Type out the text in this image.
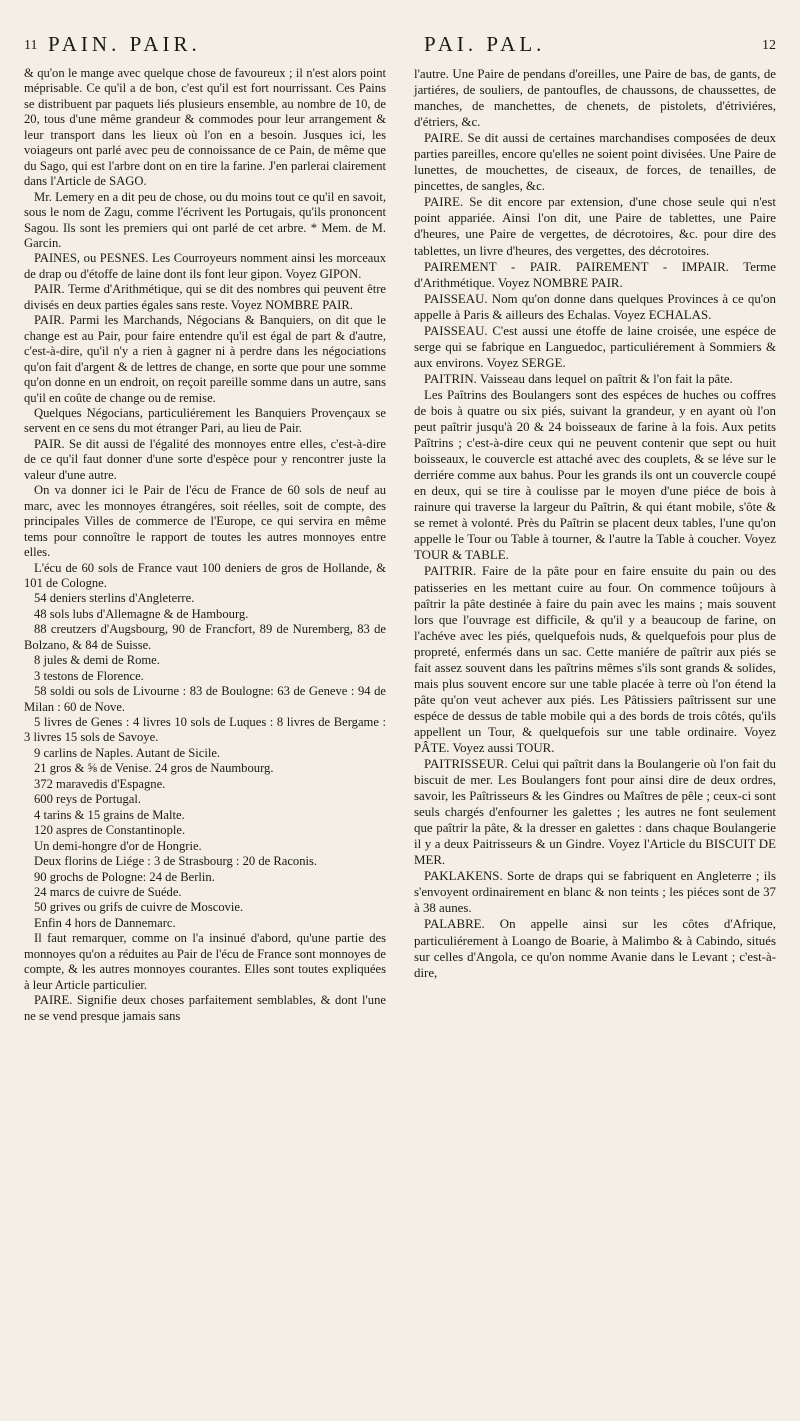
11 PAIN. PAIR.	PAI. PAL.	12

& qu'on le mange avec quelque chose de favoureux ; il n'est alors point méprisable. Ce qu'il a de bon, c'est qu'il est fort nourrissant. Ces Pains se distribuent par paquets liés plusieurs ensemble, au nombre de 10, de 20, tous d'une même grandeur & commodes pour leur arrangement & leur transport dans les lieux où l'on en a besoin. Jusques ici, les voiageurs ont parlé avec peu de connoissance de ce Pain, de même que du Sago, qui est l'arbre dont on en tire la farine. J'en parlerai clairement dans l'Article de SAGO.

Mr. Lemery en a dit peu de chose, ou du moins tout ce qu'il en savoit, sous le nom de Zagu, comme l'écrivent les Portugais, qu'ils prononcent Sagou. Ils sont les premiers qui ont parlé de cet arbre. * Mem. de M. Garcin.

PAINES, ou PESNES. Les Courroyeurs nomment ainsi les morceaux de drap ou d'étoffe de laine dont ils font leur gipon. Voyez GIPON.

PAIR. Terme d'Arithmétique, qui se dit des nombres qui peuvent être divisés en deux parties égales sans reste. Voyez NOMBRE PAIR.

PAIR. Parmi les Marchands, Négocians & Banquiers, on dit que le change est au Pair, pour faire entendre qu'il est égal de part & d'autre, c'est-à-dire, qu'il n'y a rien à gagner ni à perdre dans les négociations qu'on fait d'argent & de lettres de change, en sorte que pour une somme qu'on donne en un endroit, on reçoit pareille somme dans un autre, sans qu'il en coûte de change ou de remise.

Quelques Négocians, particuliérement les Banquiers Provençaux se servent en ce sens du mot étranger Pari, au lieu de Pair.

PAIR. Se dit aussi de l'égalité des monnoyes entre elles, c'est-à-dire de ce qu'il faut donner d'une sorte d'espèce pour y rencontrer juste la valeur d'une autre.

On va donner ici le Pair de l'écu de France de 60 sols de neuf au marc, avec les monnoyes étrangéres, soit réelles, soit de compte, des principales Villes de commerce de l'Europe, ce qui servira en même tems pour connoître le rapport de toutes les autres monnoyes entre elles.

L'écu de 60 sols de France vaut 100 deniers de gros de Hollande, & 101 de Cologne.

54 deniers sterlins d'Angleterre.

48 sols lubs d'Allemagne & de Hambourg.

88 creutzers d'Augsbourg, 90 de Francfort, 89 de Nuremberg, 83 de Bolzano, & 84 de Suisse.

8 jules & demi de Rome.

3 testons de Florence.

58 soldi ou sols de Livourne : 83 de Boulogne: 63 de Geneve : 94 de Milan : 60 de Nove.

5 livres de Genes : 4 livres 10 sols de Luques : 8 livres de Bergame : 3 livres 15 sols de Savoye.

9 carlins de Naples. Autant de Sicile.

21 gros & ⅝ de Venise. 24 gros de Naumbourg.

372 maravedis d'Espagne.

600 reys de Portugal.

4 tarins & 15 grains de Malte.

120 aspres de Constantinople.

Un demi-hongre d'or de Hongrie.

Deux florins de Liége : 3 de Strasbourg : 20 de Raconis.

90 grochs de Pologne: 24 de Berlin.

24 marcs de cuivre de Suéde.

50 grives ou grifs de cuivre de Moscovie.

Enfin 4 hors de Dannemarc.

Il faut remarquer, comme on l'a insinué d'abord, qu'une partie des monnoyes qu'on a réduites au Pair de l'écu de France sont monnoyes de compte, & les autres monnoyes courantes. Elles sont toutes expliquées à leur Article particulier.

PAIRE. Signifie deux choses parfaitement semblables, & dont l'une ne se vend presque jamais sans

l'autre. Une Paire de pendans d'oreilles, une Paire de bas, de gants, de jartiéres, de souliers, de pantoufles, de chaussons, de chaussettes, de manches, de manchettes, de chenets, de pistolets, d'étriviéres, d'étriers, &c.

PAIRE. Se dit aussi de certaines marchandises composées de deux parties pareilles, encore qu'elles ne soient point divisées. Une Paire de lunettes, de mouchettes, de ciseaux, de forces, de tenailles, de pincettes, de sangles, &c.

PAIRE. Se dit encore par extension, d'une chose seule qui n'est point appariée. Ainsi l'on dit, une Paire de tablettes, une Paire d'heures, une Paire de vergettes, de décrotoires, &c. pour dire des tablettes, un livre d'heures, des vergettes, des décrotoires.

PAIREMENT - PAIR. PAIREMENT - IMPAIR. Terme d'Arithmétique. Voyez NOMBRE PAIR.

PAISSEAU. Nom qu'on donne dans quelques Provinces à ce qu'on appelle à Paris & ailleurs des Echalas. Voyez ECHALAS.

PAISSEAU. C'est aussi une étoffe de laine croisée, une espéce de serge qui se fabrique en Languedoc, particuliérement à Sommiers & aux environs. Voyez SERGE.

PAITRIN. Vaisseau dans lequel on paîtrit & l'on fait la pâte.

Les Paîtrins des Boulangers sont des espéces de huches ou coffres de bois à quatre ou six piés, suivant la grandeur, y en ayant où l'on peut paîtrir jusqu'à 20 & 24 boisseaux de farine à la fois. Aux petits Paîtrins ; c'est-à-dire ceux qui ne peuvent contenir que sept ou huit boisseaux, le couvercle est attaché avec des couplets, & se léve sur le derriére comme aux bahus. Pour les grands ils ont un couvercle coupé en deux, qui se tire à coulisse par le moyen d'une piéce de bois à rainure qui traverse la largeur du Paîtrin, & qui étant mobile, s'ôte & se remet à volonté. Près du Paîtrin se placent deux tables, l'une qu'on appelle le Tour ou Table à tourner, & l'autre la Table à coucher. Voyez TOUR & TABLE.

PAITRIR. Faire de la pâte pour en faire ensuite du pain ou des patisseries en les mettant cuire au four. On commence toûjours à paîtrir la pâte destinée à faire du pain avec les mains ; mais souvent lors que l'ouvrage est difficile, & qu'il y a beaucoup de farine, on l'achéve avec les piés, quelquefois nuds, & quelquefois pour plus de propreté, enfermés dans un sac. Cette maniére de paîtrir aux piés se fait assez souvent dans les paîtrins mêmes s'ils sont grands & solides, mais plus souvent encore sur une table placée à terre où l'on étend la pâte qu'on veut achever aux piés. Les Pâtissiers paîtrissent sur une espéce de dessus de table mobile qui a des bords de trois côtés, qu'ils appellent un Tour, & quelquefois sur une table ordinaire. Voyez PÂTE. Voyez aussi TOUR.

PAITRISSEUR. Celui qui paîtrit dans la Boulangerie où l'on fait du biscuit de mer. Les Boulangers font pour ainsi dire de deux ordres, savoir, les Paîtrisseurs & les Gindres ou Maîtres de pêle ; ceux-ci sont seuls chargés d'enfourner les galettes ; les autres ne font seulement que paîtrir la pâte, & la dresser en galettes : dans chaque Boulangerie il y a deux Paitrisseurs & un Gindre. Voyez l'Article du BISCUIT DE MER.

PAKLAKENS. Sorte de draps qui se fabriquent en Angleterre ; ils s'envoyent ordinairement en blanc & non teints ; les piéces sont de 37 à 38 aunes.

PALABRE. On appelle ainsi sur les côtes d'Afrique, particuliérement à Loango de Boarie, à Malimbo & à Cabindo, situés sur celles d'Angola, ce qu'on nomme Avanie dans le Levant ; c'est-à-dire,
